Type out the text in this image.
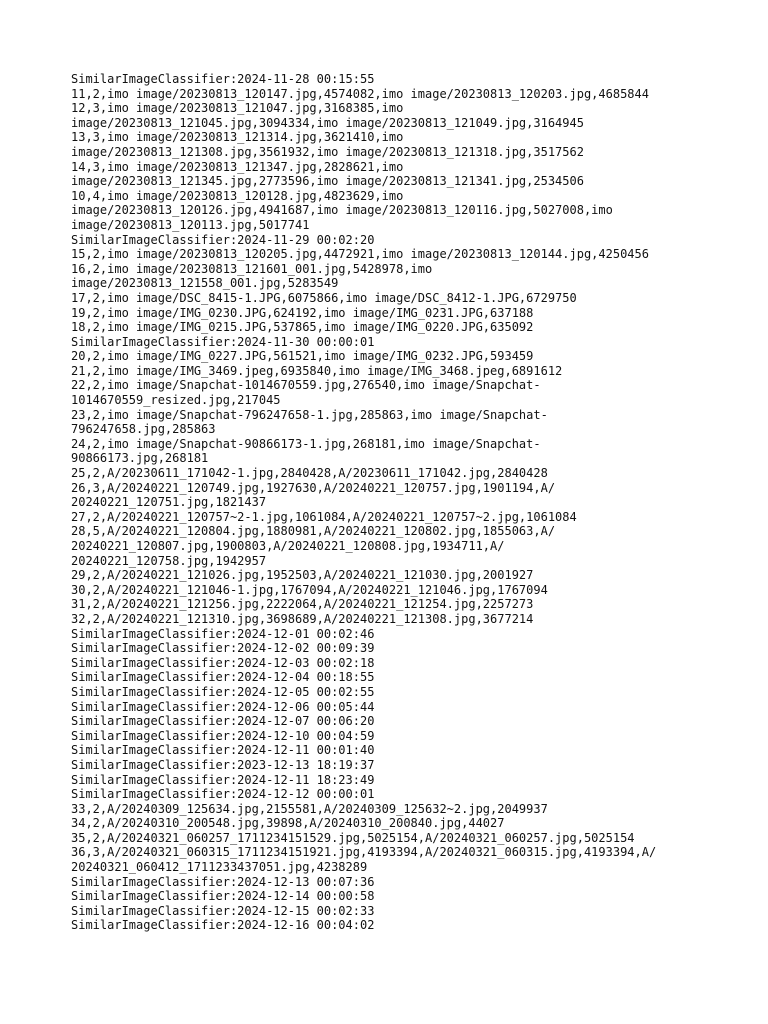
SimilarImageClassifier:2024-11-28 00:15:55
11,2,imo image/20230813_120147.jpg,4574082,imo image/20230813_120203.jpg,4685844
12,3,imo image/20230813_121047.jpg,3168385,imo
image/20230813_121045.jpg,3094334,imo image/20230813_121049.jpg,3164945
13,3,imo image/20230813_121314.jpg,3621410,imo
image/20230813_121308.jpg,3561932,imo image/20230813_121318.jpg,3517562
14,3,imo image/20230813_121347.jpg,2828621,imo
image/20230813_121345.jpg,2773596,imo image/20230813_121341.jpg,2534506
10,4,imo image/20230813_120128.jpg,4823629,imo
image/20230813_120126.jpg,4941687,imo image/20230813_120116.jpg,5027008,imo
image/20230813_120113.jpg,5017741
SimilarImageClassifier:2024-11-29 00:02:20
15,2,imo image/20230813_120205.jpg,4472921,imo image/20230813_120144.jpg,4250456
16,2,imo image/20230813_121601_001.jpg,5428978,imo
image/20230813_121558_001.jpg,5283549
17,2,imo image/DSC_8415-1.JPG,6075866,imo image/DSC_8412-1.JPG,6729750
19,2,imo image/IMG_0230.JPG,624192,imo image/IMG_0231.JPG,637188
18,2,imo image/IMG_0215.JPG,537865,imo image/IMG_0220.JPG,635092
SimilarImageClassifier:2024-11-30 00:00:01
20,2,imo image/IMG_0227.JPG,561521,imo image/IMG_0232.JPG,593459
21,2,imo image/IMG_3469.jpeg,6935840,imo image/IMG_3468.jpeg,6891612
22,2,imo image/Snapchat-1014670559.jpg,276540,imo image/Snapchat-
1014670559_resized.jpg,217045
23,2,imo image/Snapchat-796247658-1.jpg,285863,imo image/Snapchat-
796247658.jpg,285863
24,2,imo image/Snapchat-90866173-1.jpg,268181,imo image/Snapchat-
90866173.jpg,268181
25,2,A/20230611_171042-1.jpg,2840428,A/20230611_171042.jpg,2840428
26,3,A/20240221_120749.jpg,1927630,A/20240221_120757.jpg,1901194,A/
20240221_120751.jpg,1821437
27,2,A/20240221_120757~2-1.jpg,1061084,A/20240221_120757~2.jpg,1061084
28,5,A/20240221_120804.jpg,1880981,A/20240221_120802.jpg,1855063,A/
20240221_120807.jpg,1900803,A/20240221_120808.jpg,1934711,A/
20240221_120758.jpg,1942957
29,2,A/20240221_121026.jpg,1952503,A/20240221_121030.jpg,2001927
30,2,A/20240221_121046-1.jpg,1767094,A/20240221_121046.jpg,1767094
31,2,A/20240221_121256.jpg,2222064,A/20240221_121254.jpg,2257273
32,2,A/20240221_121310.jpg,3698689,A/20240221_121308.jpg,3677214
SimilarImageClassifier:2024-12-01 00:02:46
SimilarImageClassifier:2024-12-02 00:09:39
SimilarImageClassifier:2024-12-03 00:02:18
SimilarImageClassifier:2024-12-04 00:18:55
SimilarImageClassifier:2024-12-05 00:02:55
SimilarImageClassifier:2024-12-06 00:05:44
SimilarImageClassifier:2024-12-07 00:06:20
SimilarImageClassifier:2024-12-10 00:04:59
SimilarImageClassifier:2024-12-11 00:01:40
SimilarImageClassifier:2023-12-13 18:19:37
SimilarImageClassifier:2024-12-11 18:23:49
SimilarImageClassifier:2024-12-12 00:00:01
33,2,A/20240309_125634.jpg,2155581,A/20240309_125632~2.jpg,2049937
34,2,A/20240310_200548.jpg,39898,A/20240310_200840.jpg,44027
35,2,A/20240321_060257_1711234151529.jpg,5025154,A/20240321_060257.jpg,5025154
36,3,A/20240321_060315_1711234151921.jpg,4193394,A/20240321_060315.jpg,4193394,A/
20240321_060412_1711233437051.jpg,4238289
SimilarImageClassifier:2024-12-13 00:07:36
SimilarImageClassifier:2024-12-14 00:00:58
SimilarImageClassifier:2024-12-15 00:02:33
SimilarImageClassifier:2024-12-16 00:04:02
